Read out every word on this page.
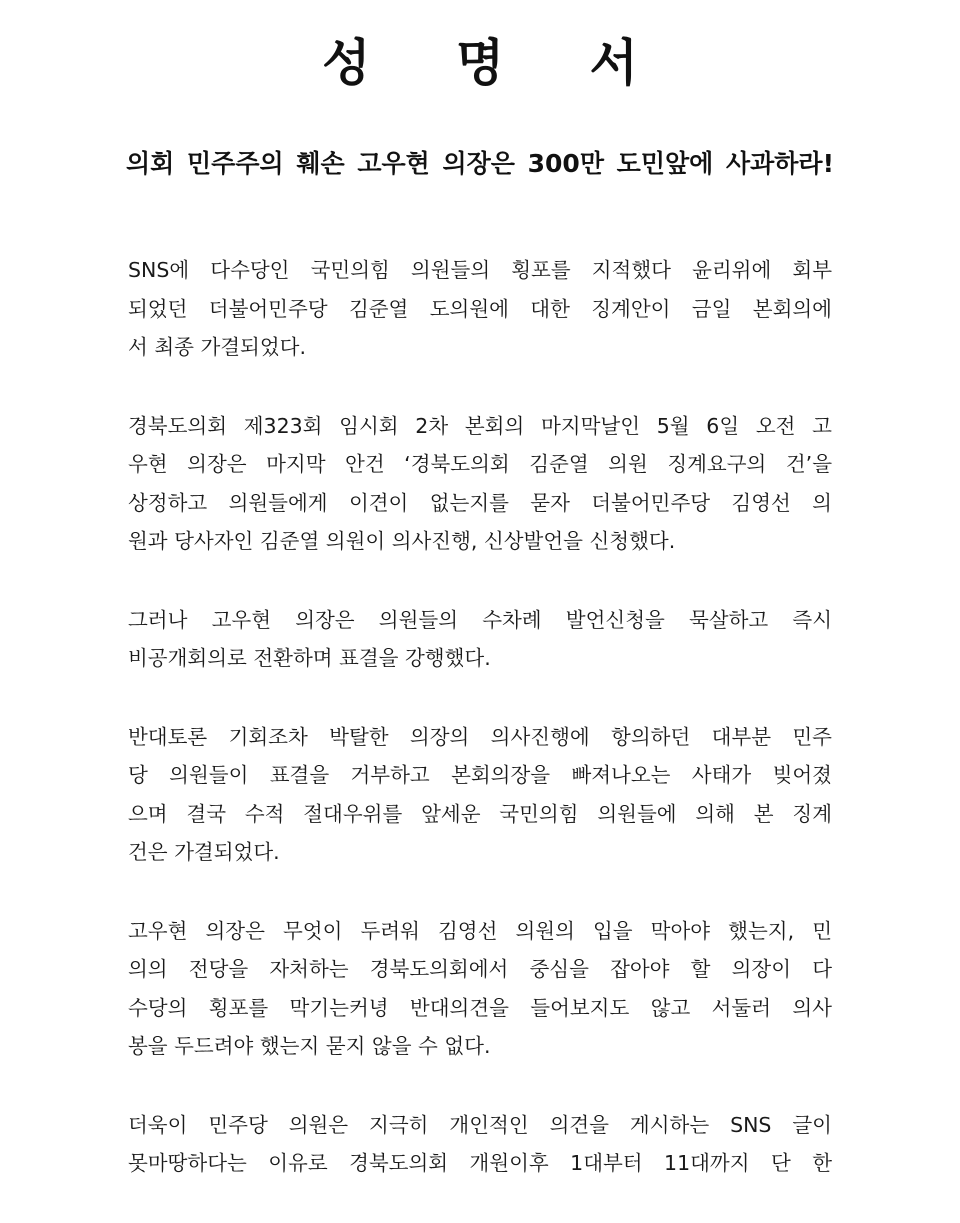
성 명 서
의회 민주주의 훼손 고우현 의장은 300만 도민앞에 사과하라!

SNS에 다수당인 국민의힘 의원들의 횡포를 지적했다 윤리위에 회부
되었던 더불어민주당 김준열 도의원에 대한 징계안이 금일 본회의에
서 최종 가결되었다.

경북도의회 제323회 임시회 2차 본회의 마지막날인 5월 6일 오전 고
우현 의장은 마지막 안건 ‘경북도의회 김준열 의원 징계요구의 건’을
상정하고 의원들에게 이견이 없는지를 묻자 더불어민주당 김영선 의
원과 당사자인 김준열 의원이 의사진행, 신상발언을 신청했다.

그러나 고우현 의장은 의원들의 수차례 발언신청을 묵살하고 즉시
비공개회의로 전환하며 표결을 강행했다.

반대토론 기회조차 박탈한 의장의 의사진행에 항의하던 대부분 민주
당 의원들이 표결을 거부하고 본회의장을 빠져나오는 사태가 빚어졌
으며 결국 수적 절대우위를 앞세운 국민의힘 의원들에 의해 본 징계
건은 가결되었다.

고우현 의장은 무엇이 두려워 김영선 의원의 입을 막아야 했는지, 민
의의 전당을 자처하는 경북도의회에서 중심을 잡아야 할 의장이 다
수당의 횡포를 막기는커녕 반대의견을 들어보지도 않고 서둘러 의사
봉을 두드려야 했는지 묻지 않을 수 없다.

더욱이 민주당 의원은 지극히 개인적인 의견을 게시하는 SNS 글이
못마땅하다는 이유로 경북도의회 개원이후 1대부터 11대까지 단 한
